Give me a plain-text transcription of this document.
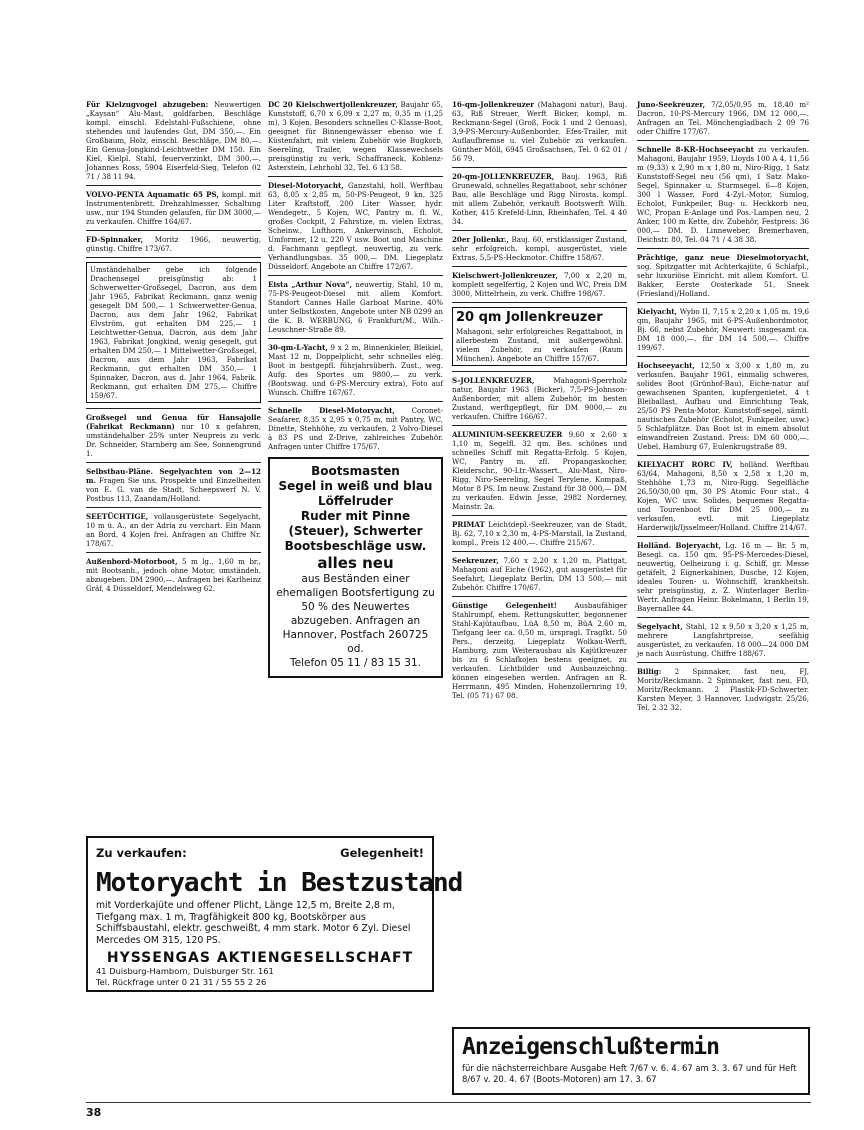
Für Kielzugvogel abzugeben: Neuwertigen „Kaysan“ Alu-Mast, goldfarben, Beschläge kompl. einschl. Edelstahl-Fußschiene, ohne stehendes und laufendes Gut, DM 350,—. Ein Großbaum, Holz, einschl. Beschläge, DM 80,—. Ein Genua-Jongkind-Leichtwetter DM 150. Ein Kiel, Kielpl. Stahl, feuerverzinkt, DM 300,—. Johannes Ross, 5904 Eiserfeld-Sieg, Telefon 02 71 / 38 11 94.
VOLVO-PENTA Aquamatic 65 PS, kompl. mit Instrumentenbrett, Drehzahlmesser, Schaltung usw., nur 194 Stunden gelaufen, für DM 3000,— zu verkaufen. Chiffre 164/67.
FD-Spinnaker, Moritz 1966, neuwertig, günstig. Chiffre 173/67.
Umständehalber gebe ich folgende Drachensegel preisgünstig ab: 1 Schwerwetter-Großsegel, Dacron, aus dem Jahr 1965, Fabrikat Reckmann, ganz wenig gesegelt DM 500,— 1 Schwerwetter-Genua, Dacron, aus dem Jahr 1962, Fabrikat Elvström, gut erhalten DM 225,— 1 Leichtwetter-Genua, Dacron, aus dem Jahr 1963, Fabrikat Jongkind, wenig gesegelt, gut erhalten DM 250,— 1 Mittelwetter-Großsegel, Dacron, aus dem Jahr 1963, Fabrikat Reckmann, gut erhalten DM 350,— 1 Spinnaker, Dacron, aus d. Jahr 1964, Fabrik. Reckmann, gut erhalten DM 275,— Chiffre 159/67.
Großsegel und Genua für Hansajolle (Fabrikat Reckmann) nur 10 x gefahren, umständehalber 25% unter Neupreis zu verk. Dr. Schneider, Starnberg am See, Sonnengrund 1.
Selbstbau-Pläne. Segelyachten von 2—12 m. Fragen Sie uns. Prospekte und Einzelheiten von E. G. van de Stadt, Scheepswerf N. V. Postbus 113, Zaandam/Holland.
SEETÜCHTIGE, vollausgerüstete Segelyacht, 10 m ü. A., an der Adria zu verchart. Ein Mann an Bord, 4 Kojen frei. Anfragen an Chiffre Nr. 178/67.
Außenbord-Motorboot, 5 m lg., 1,60 m br., mit Bootsanh., jedoch ohne Motor, umständeh. abzugeben. DM 2900,—. Anfragen bei Karlheinz Gräf, 4 Düsseldorf, Mendelsweg 62.
DC 20 Kielschwertjollenkreuzer, Baujahr 65, Kunststoff, 6,70 x 6,09 x 2,27 m, 0,35 m (1,25 m), 3 Kojen. Besonders schnelles C-Klasse-Boot, geeignet für Binnengewässer ebenso wie f. Küstenfahrt, mit vielem Zubehör wie Bugkorb, Seereling, Trailer, wegen Klassewechsels preisgünstig zu verk. Schaffraneck, Koblenz-Asterstein, Lehrhohl 32, Tel. 6 13 58.
Diesel-Motoryacht, Ganzstahl, holl. Werftbau 63, 8,05 x 2,85 m, 50-PS-Peugeot, 9 kn, 325 Liter Kraftstoff, 200 Liter Wasser, hydr. Wendegetr., 5 Kojen, WC, Pantry m. fl. W., großes Cockpit, 2 Fahrstize, m. vielen Extras, Scheinw., Lufthorn, Ankerwinsch, Echolot, Umformer, 12 u. 220 V usw. Boot und Maschine d. Fachmann gepflegt, neuwertig, zu verk. Verhandlungsbas. 35 000,— DM. Liegeplatz Düsseldorf. Angebote an Chiffre 172/67.
Eista „Arthur Nova“, neuwertig, Stahl, 10 m, 75-PS-Peugeot-Diesel mit allem Komfort. Standort Cannes Halle Garboat Marine. 40% unter Selbstkosten. Angebote unter NB 0299 an die K. B. WERBUNG, 6 Frankfurt/M., Wilh.-Leuschner-Straße 89.
30-qm-L-Yacht, 9 x 2 m, Binnenkieler, Bleikiel, Mast 12 m, Doppelplicht, sehr schnelles elég. Boot in bestgepfl. führjahrsüberh. Zust., weg. Aufg. des Sportes um 9800,— zu verk. (Bootswag. und 6-PS-Mercury extra), Foto auf Wunsch. Chiffre 167/67.
Schnelle Diesel-Motoryacht, Coronet-Seafarer, 8,35 x 2,95 x 0,75 m, mit Pantry, WC, Dinette, Stehhöhe, zu verkaufen. 2 Volvo-Diesel à 83 PS und Z-Drive, zahlreiches Zubehör. Anfragen unter Chiffre 175/67.
Bootsmasten
Segel in weiß und blau
Löffelruder
Ruder mit Pinne
(Steuer), Schwerter
Bootsbeschläge usw.
alles neu
aus Beständen einer ehemaligen Bootsfertigung zu
50 % des Neuwertes abzugeben. Anfragen an Hannover, Postfach 260725 od.
Telefon 05 11 / 83 15 31.
16-qm-Jollenkreuzer (Mahagoni natur), Bauj. 63, Riß Streuer, Werft Bicker, kompl. m. Reckmann-Segel (Groß, Fock 1 und 2 Genuas), 3,9-PS-Mercury-Außenborder, Efes-Trailer, mit Auflaufbremse u. viel Zubehör zu verkaufen. Günther Möll, 6945 Großsachsen, Tel. 0 62 01 / 56 79.
20-qm-JOLLENKREUZER, Bauj. 1963, Riß Grunewald, schnelles Regattaboot, sehr schöner Bau, alle Beschläge und Rigg Nirosta, kompl. mit allem Zubehör, verkauft Bootswerft Wilh. Kother, 415 Krefeld-Linn, Rheinhafen, Tel. 4 40 34.
20er Jollenkr., Bauj. 60, erstklassiger Zustand, sehr erfolgreich, kompl. ausgerüstet, viele Extras, 5,5-PS-Heckmotor. Chiffre 158/67.
Kielschwert-Jollenkreuzer, 7,00 x 2,20 m, komplett segelfertig, 2 Kojen und WC, Preis DM 3000, Mittelrhein, zu verk. Chiffre 198/67.
20 qm Jollenkreuzer
Mahagoni, sehr erfolgreiches Regattaboot, in allerbestem Zustand, mit außergewöhnl. vielem Zubehör, zu verkaufen (Raum München). Angebote an Chiffre 157/67.
S-JOLLENKREUZER,	Mahagoni-Sperrholz natur, Baujahr 1963 (Bicker), 7,5-PS-Johnson-Außenborder, mit allem Zubehör, im besten Zustand, werftgepflegt, für DM 9000,— zu verkaufen. Chiffre 166/67.
ALUMINIUM-SEEKREUZER 9,60 x 2,60 x 1,10 m, Segelfl. 32 qm. Bes. schönes und schnelles Schiff mit Regatta-Erfolg. 5 Kojen, WC, Pantry m. zfl. Propangaskocher, Kleiderschr., 90-Ltr.-Wassert., Alu-Mast, Niro-Rigg, Niro-Seereling, Segel Terylene, Kompaß, Motor 8 PS. Im neuw. Zustand für 38 000,— DM zu verkaufen. Edwin Jesse, 2982 Norderney, Mainstr. 2a.
PRIMAT Leichtdepl.-Seekreuzer, van de Stadt, Bj. 62, 7,10 x 2,30 m, 4-PS-Marstall, la Zustand, kompl., Preis 12 400,—. Chiffre 215/67.
Seekreuzer, 7,60 x 2,20 x 1,20 m, Plattgat, Mahagoni auf Eiche (1962), gut ausgerüstet für Seefahrt, Liegeplatz Berlin, DM 13 500,— mit Zubehör. Chiffre 170/67.
Günstige Gelegenheit! Ausbaufähiger Stahlrumpf, ehem. Rettungskutter, begonnener Stahl-Kajütaufbau, LüA 8,50 m, BüA 2,60 m, Tiefgang leer ca. 0,50 m, urspragl. Tragfkt. 50 Pers., derzeitg. Liegeplatz Wolkau-Werft, Hamburg, zum Weiterausbau als Kajütkreuzer bis zu 6 Schlafkojen bestens geeignet, zu verkaufen. Lichtbilder und Ausbauzeichng. können eingesehen werden. Anfragen an R. Herrmann, 495 Minden, Hohenzollernring 19, Tel. (05 71) 67 08.
Juno-Seekreuzer, 7/2,05/0,95 m, 18,40 m² Dacron, 10-PS-Mercury 1966, DM 12 000,—. Anfragen an Tel. Mönchengladbach 2 09 76 oder Chiffre 177/67.
Schnelle 8-KR-Hochseeyacht zu verkaufen. Mahagoni, Baujahr 1959, Lloyds 100 A 4, 11,56 m (9,33) x 2,90 m x 1,80 m, Niro-Rigg, 1 Satz Kunststoff-Segel neu (56 qm), 1 Satz Mako-Segel, Spinnaker u. Sturmsegel. 6—8 Kojen, 300 l Wasser, Ford 4-Zyl.-Motor, Sumlog, Echolot, Funkpeiler, Bug- u. Heckkorb neu, WC, Propan E-Anlage und Pos.-Lampen neu, 2 Anker, 100 m Kette, div. Zubehör, Festpreis: 36 000,— DM. D. Linneweber, Bremerhaven, Deichstr. 80, Tel. 04 71 / 4 38 38.
Prächtige, ganz neue Dieselmotoryacht, sog. Spitzgatter mit Achterkajüte, 6 Schlafpl., sehr luxuriöse Einricht. mit allem Komfort. U. Bakker, Eerste Oosterkade 51, Sneek (Friesland)/Holland.
Kielyacht, Wybo II, 7,15 x 2,20 x 1,05 m, 19,6 qm, Baujahr 1965, mit 6-PS-Außenbordmotor, Bj. 66, nebst Zubehör, Neuwert: insgesamt ca. DM 18 000,—, für DM 14 500,—. Chiffre 199/67.
Hochseeyacht, 12,50 x 3,00 x 1,80 m, zu verkaufen. Baujahr 1961, einmalig schweres, solides Boot (Grünhof-Bau), Eiche-natur auf gewachsenen Spanten, kupfergenietet, 4 t Bleiballast, Aufbau und Einrichtung Teak, 25/50 PS Penta-Motor, Kunststoff-segel, sämtl. nautisches Zubehör (Echolot, Funkpeiler, usw.) 5 Schlafplätze. Das Boot ist in einem absolut einwandfreien Zustand. Preis: DM 60 000,—. Uebel, Hamburg 67, Eulenkrugstraße 89.
KIELYACHT RORC IV, holländ. Werftbau 63/64, Mahagoni, 8,50 x 2,58 x 1,20 m, Stehhöhe 1,73 m, Niro-Rigg. Segelfläche 26,50/30,00 qm, 30 PS Atomic Four stat., 4 Kojen, WC usw. Solides, bequemes Regatta- und Tourenboot für DM 25 000,— zu verkaufen, evtl. mit Liegeplatz Harderwijk/Ijsselmeer/Holland. Chiffre 214/67.
Holländ. Bojeryacht, Lg. 16 m — Br. 5 m, Besegl. ca. 150 qm, 95-PS-Mercedes-Diesel, neuwertig, Oelheizung i. g. Schiff, gr. Messe getäfelt, 2 Eignerkabinen, Dusche, 12 Kojen, ideales Touren- u. Wohnschiff, krankheitsh. sehr preisgünstig, z. Z. Winterlager Berlin-Wertr. Anfragen Heinr. Bokelmann, 1 Berlin 19, Bayernallee 44.
Segelyacht, Stahl, 12 x 9,50 x 3,20 x 1,25 m, mehrere Langfahrtpreise, seefähig ausgerüstet, zu verkaufen. 18 000—24 000 DM je nach Ausrüstung. Chiffre 188/67.
Billig: 2 Spinnaker, fast neu, FJ, Moritz/Reckmann. 2 Spinnaker, fast neu, FD, Moritz/Reckmann. 2 Plastik-FD-Schwerter. Karsten Meyer, 3 Hannover, Ludwigstr. 25/26, Tel. 2 32 32.
Zu verkaufen:	Gelegenheit!
Motoryacht in Bestzustand
mit Vorderkajüte und offener Plicht, Länge 12,5 m, Breite 2,8 m, Tiefgang max. 1 m, Tragfähigkeit 800 kg, Bootskörper aus Schiffsbaustahl, elektr. geschweißt, 4 mm stark. Motor 6 Zyl. Diesel Mercedes OM 315, 120 PS.
HYSSENGAS AKTIENGESELLSCHAFT
41 Duisburg-Hamborn, Duisburger Str. 161
Tel. Rückfrage unter 0 21 31 / 55 55 2 26
Anzeigenschlußtermin
für die nächsterreichbare Ausgabe Heft 7/67 v. 6. 4. 67 am 3. 3. 67 und für Heft 8/67 v. 20. 4. 67 (Boots-Motoren) am 17. 3. 67
38
